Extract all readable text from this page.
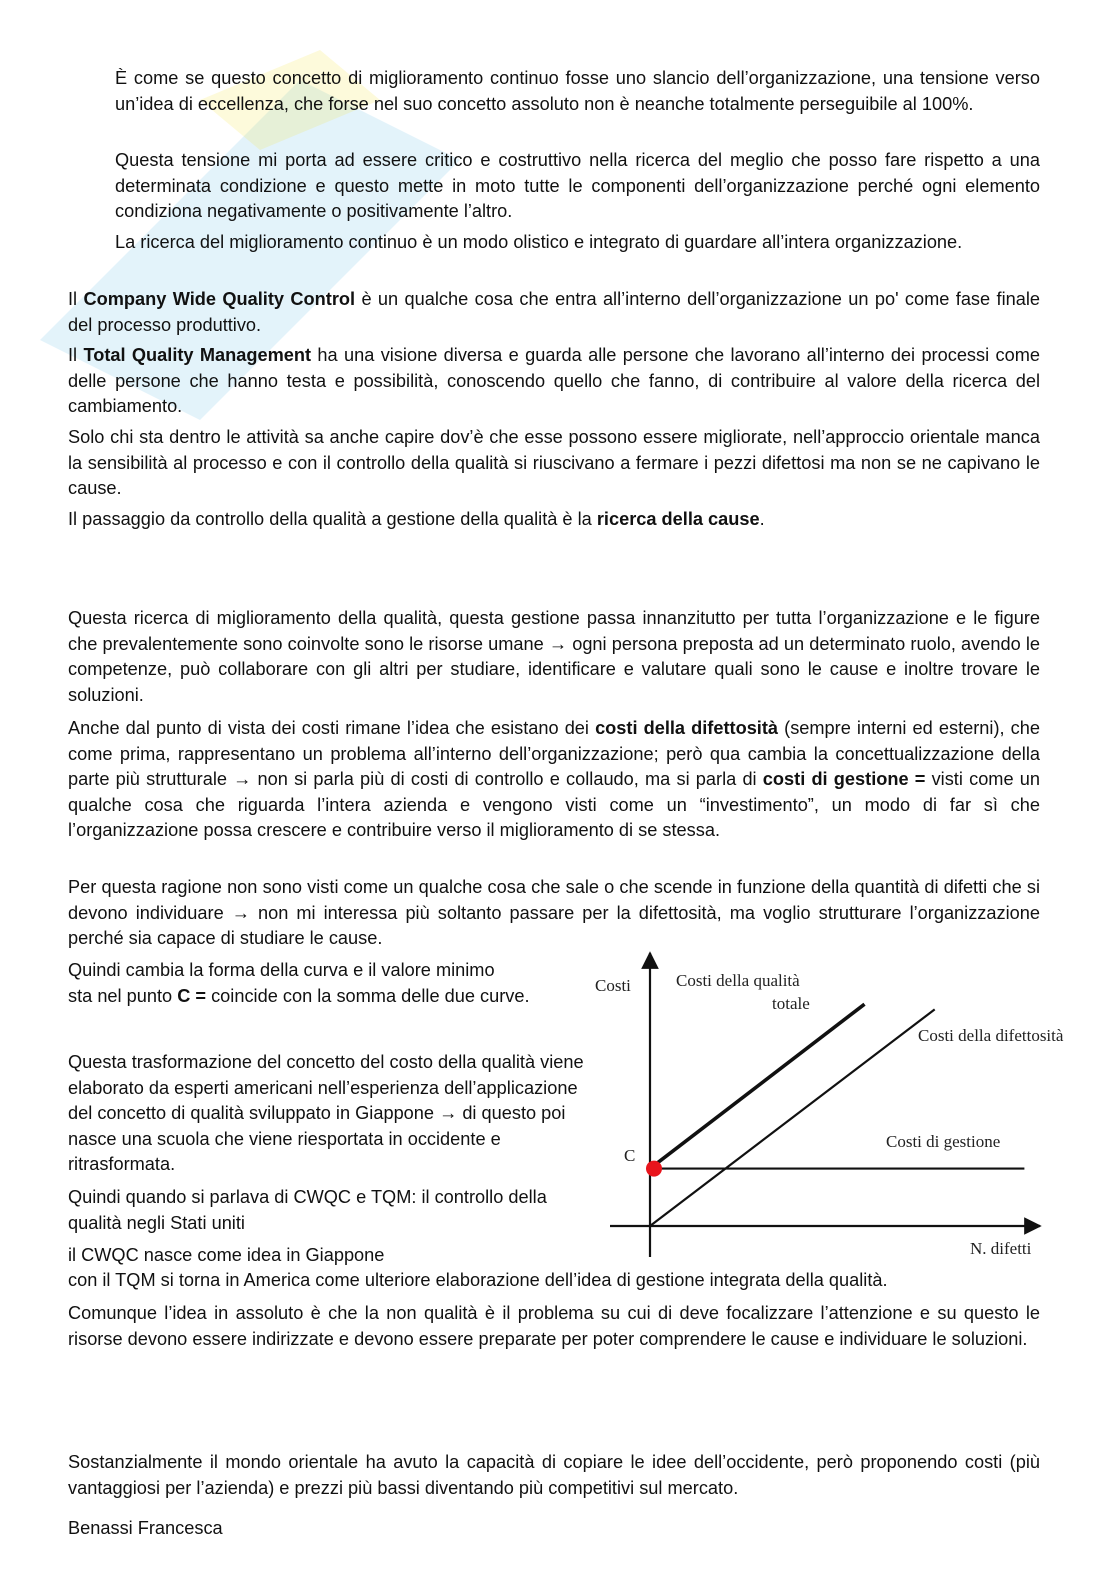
È come se questo concetto di miglioramento continuo fosse uno slancio dell’organizzazione, una tensione verso un’idea di eccellenza, che forse nel suo concetto assoluto non è neanche totalmente perseguibile al 100%.

Questa tensione mi porta ad essere critico e costruttivo nella ricerca del meglio che posso fare rispetto a una determinata condizione e questo mette in moto tutte le componenti dell’organizzazione perché ogni elemento condiziona negativamente o positivamente l’altro.

La ricerca del miglioramento continuo è un modo olistico e integrato di guardare all’intera organizzazione.

Il Company Wide Quality Control è un qualche cosa che entra all’interno dell’organizzazione un po' come fase finale del processo produttivo.

Il Total Quality Management ha una visione diversa e guarda alle persone che lavorano all’interno dei processi come delle persone che hanno testa e possibilità, conoscendo quello che fanno, di contribuire al valore della ricerca del cambiamento.

Solo chi sta dentro le attività sa anche capire dov’è che esse possono essere migliorate, nell’approccio orientale manca la sensibilità al processo e con il controllo della qualità si riuscivano a fermare i pezzi difettosi ma non se ne capivano le cause.

Il passaggio da controllo della qualità a gestione della qualità è la ricerca della cause.

Questa ricerca di miglioramento della qualità, questa gestione passa innanzitutto per tutta l’organizzazione e le figure che prevalentemente sono coinvolte sono le risorse umane → ogni persona preposta ad un determinato ruolo, avendo le competenze, può collaborare con gli altri per studiare, identificare e valutare quali sono le cause e inoltre trovare le soluzioni.

Anche dal punto di vista dei costi rimane l’idea che esistano dei costi della difettosità (sempre interni ed esterni), che come prima, rappresentano un problema all’interno dell’organizzazione; però qua cambia la concettualizzazione della parte più strutturale → non si parla più di costi di controllo e collaudo, ma si parla di costi di gestione = visti come un qualche cosa che riguarda l’intera azienda e vengono visti come un “investimento”, un modo di far sì che l’organizzazione possa crescere e contribuire verso il miglioramento di se stessa.

Per questa ragione non sono visti come un qualche cosa che sale o che scende in funzione della quantità di difetti che si devono individuare → non mi interessa più soltanto passare per la difettosità, ma voglio strutturare l’organizzazione perché sia capace di studiare le cause.

Quindi cambia la forma della curva e il valore minimo
sta nel punto C = coincide con la somma delle due curve.

Questa trasformazione del concetto del costo della qualità viene elaborato da esperti americani nell’esperienza dell’applicazione del concetto di qualità sviluppato in Giappone → di questo poi nasce una scuola che viene riesportata in occidente e ritrasformata.

Quindi quando si parlava di CWQC e TQM: il controllo della qualità negli Stati uniti

il CWQC nasce come idea in Giappone

con il TQM si torna in America come ulteriore elaborazione dell’idea di gestione integrata della qualità.

Comunque l’idea in assoluto è che la non qualità è il problema su cui di deve focalizzare l’attenzione e su questo le risorse devono essere indirizzate e devono essere preparate per poter comprendere le cause e individuare le soluzioni.

Sostanzialmente il mondo orientale ha avuto la capacità di copiare le idee dell’occidente, però proponendo costi (più vantaggiosi per l’azienda) e prezzi più bassi diventando più competitivi sul mercato.

Benassi Francesca

Costi
N. difetti
Costi della qualità
totale
Costi della difettosità
Costi di gestione
C
